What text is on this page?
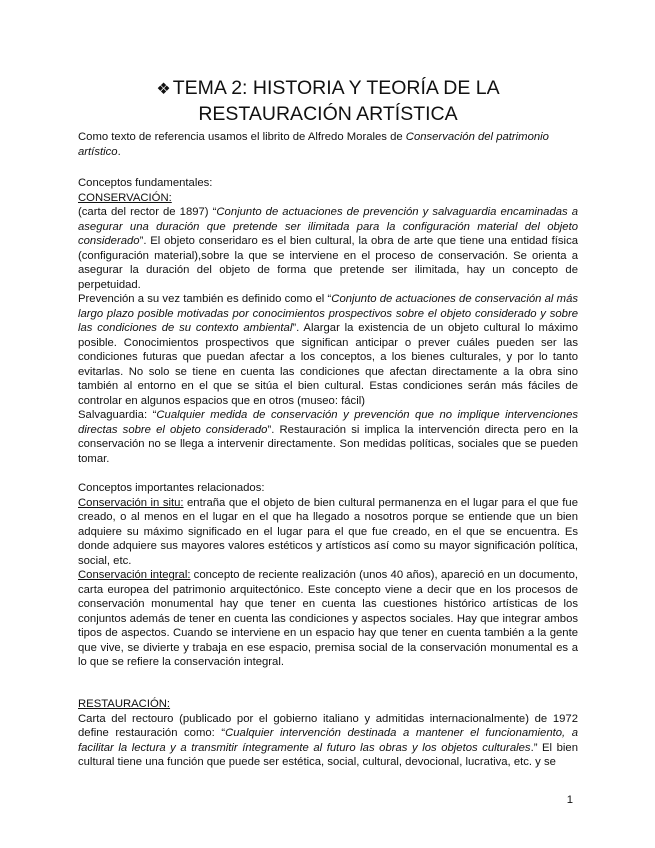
❖ TEMA 2: HISTORIA Y TEORÍA DE LA
RESTAURACIÓN ARTÍSTICA

Como texto de referencia usamos el librito de Alfredo Morales de Conservación del patrimonio artístico.

Conceptos fundamentales:

CONSERVACIÓN:

(carta del rector de 1897) “Conjunto de actuaciones de prevención y salvaguardia encaminadas a asegurar una duración que pretende ser ilimitada para la configuración material del objeto considerado”. El objeto conseridaro es el bien cultural, la obra de arte que tiene una entidad física (configuración material),sobre la que se interviene en el proceso de conservación. Se orienta a asegurar la duración del objeto de forma que pretende ser ilimitada, hay un concepto de perpetuidad.

Prevención a su vez también es definido como el “Conjunto de actuaciones de conservación al más largo plazo posible motivadas por conocimientos prospectivos sobre el objeto considerado y sobre las condiciones de su contexto ambiental”. Alargar la existencia de un objeto cultural lo máximo posible. Conocimientos prospectivos que significan anticipar o prever cuáles pueden ser las condiciones futuras que puedan afectar a los conceptos, a los bienes culturales, y por lo tanto evitarlas. No solo se tiene en cuenta las condiciones que afectan directamente a la obra sino también al entorno en el que se sitúa el bien cultural. Estas condiciones serán más fáciles de controlar en algunos espacios que en otros (museo: fácil)

Salvaguardia: “Cualquier medida de conservación y prevención que no implique intervenciones directas sobre el objeto considerado”. Restauración si implica la intervención directa pero en la conservación no se llega a intervenir directamente. Son medidas políticas, sociales que se pueden tomar.

Conceptos importantes relacionados:

Conservación in situ: entraña que el objeto de bien cultural permanenza en el lugar para el que fue creado, o al menos en el lugar en el que ha llegado a nosotros porque se entiende que un bien adquiere su máximo significado en el lugar para el que fue creado, en el que se encuentra. Es donde adquiere sus mayores valores estéticos y artísticos así como su mayor significación política, social, etc.

Conservación integral: concepto de reciente realización (unos 40 años), apareció en un documento, carta europea del patrimonio arquitectónico. Este concepto viene a decir que en los procesos de conservación monumental hay que tener en cuenta las cuestiones histórico artísticas de los conjuntos además de tener en cuenta las condiciones y aspectos sociales. Hay que integrar ambos tipos de aspectos. Cuando se interviene en un espacio hay que tener en cuenta también a la gente que vive, se divierte y trabaja en ese espacio, premisa social de la conservación monumental es a lo que se refiere la conservación integral.

RESTAURACIÓN:

Carta del rectouro (publicado por el gobierno italiano y admitidas internacionalmente) de 1972 define restauración como: “Cualquier intervención destinada a mantener el funcionamiento, a facilitar la lectura y a transmitir íntegramente al futuro las obras y los objetos culturales.” El bien cultural tiene una función que puede ser estética, social, cultural, devocional, lucrativa, etc. y se

1
